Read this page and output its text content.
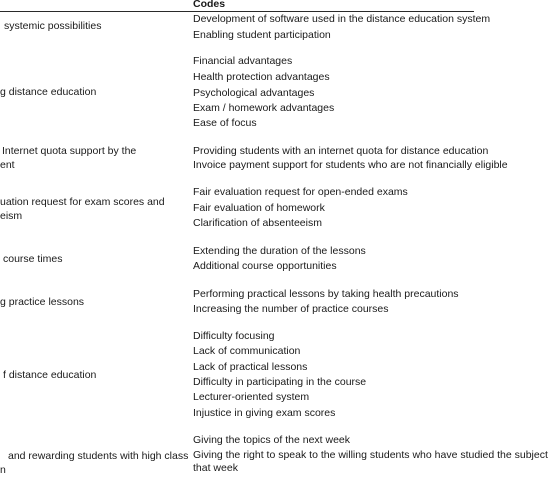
Codes
systemic possibilities
Development of software used in the distance education system
Enabling student participation
g distance education
Financial advantages
Health protection advantages
Psychological advantages
Exam / homework advantages
Ease of focus
Internet quota support by the
ent
Providing students with an internet quota for distance education
Invoice payment support for students who are not financially eligible
uation request for exam scores and
eism
Fair evaluation request for open-ended exams
Fair evaluation of homework
Clarification of absenteeism
course times
Extending the duration of the lessons
Additional course opportunities
g practice lessons
Performing practical lessons by taking health precautions
Increasing the number of practice courses
f distance education
Difficulty focusing
Lack of communication
Lack of practical lessons
Difficulty in participating in the course
Lecturer-oriented system
Injustice in giving exam scores
and rewarding students with high class
n
Giving the topics of the next week
Giving the right to speak to the willing students who have studied the subject
that week
